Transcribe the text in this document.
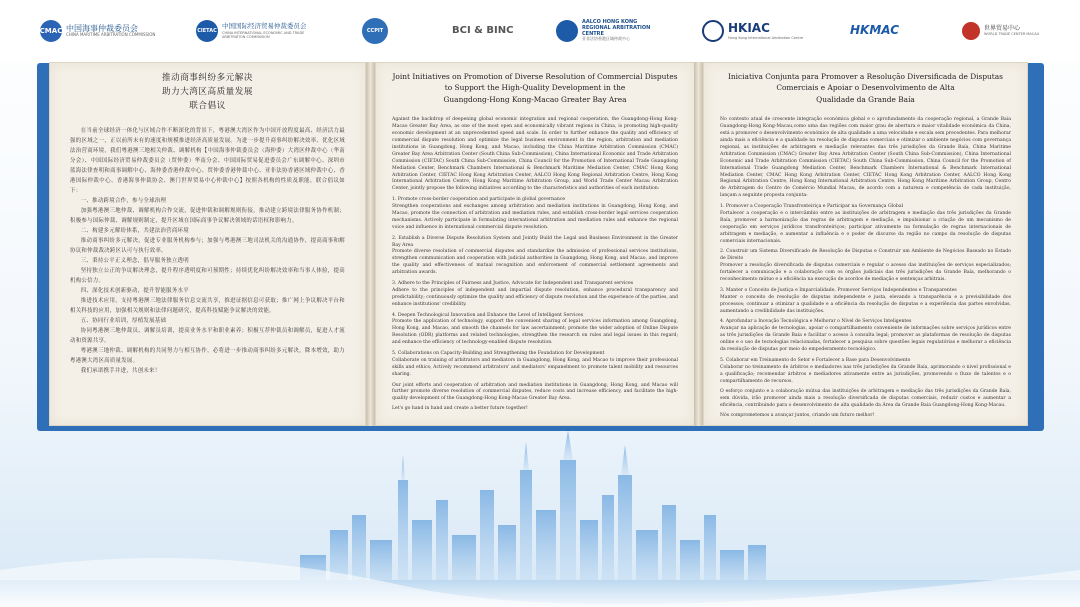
CMAC 中国海事仲裁委员会
CHINA MARITIME ARBITRATION COMMISSION
CIETAC
中国国际经济贸易仲裁委员会
CHINA INTERNATIONAL ECONOMIC AND TRADE ARBITRATION COMMISSION
CCPIT	BCI & BINC
AALCO HONG KONG REGIONAL ARBITRATION CENTRE
亚非法协香港区域仲裁中心
HKIAC
Hong Kong International Arbitration Centre
HKMAC	世界贸易中心
WORLD TRADE CENTER MACAU
推动商事纠纷多元解决
助力大湾区高质量发展
联合倡议

在当前全球经济一体化与区域合作不断深化的背景下，粤港澳大湾区作为中国开放程度最高、经济活力最强的区域之一，正以前所未有的速度和规模推进经济高质量发展。为进一步提升商事纠纷解决效率、优化区域法治营商环境，我们粤港澳三地相关仲裁、调解机构【中国海事仲裁委员会（海仲委）大湾区仲裁中心（华南分会）、中国国际经济贸易仲裁委员会（贸仲委）华南分会、中国国际贸易促进委员会广东调解中心、深圳市蓝海法律查明和商事调解中心、海仲委香港仲裁中心、贸仲委香港仲裁中心、亚非法协香港区域仲裁中心、香港国际仲裁中心、香港海事仲裁协会、澳门世界贸易中心仲裁中心】按照各机构的性质及职能，联合倡议如下：

一、推动跨境合作，参与全球治理

加强粤港澳三地仲裁、调解机构合作交流，促进仲裁和调解规则衔接，推动建立跨境法律服务协作机制；积极参与国际仲裁、调解规则制定，提升区域在国际商事争议解决领域的话语权和影响力。

二、构建多元解纷体系，共建法治营商环境

推动商事纠纷多元解决，促进专业服务机构参与；加强与粤港澳三地司法机关的沟通协作，提高商事和解协议和仲裁裁决跨区认可与执行效率。

三、秉持公平正义理念，倡导服务独立透明

坚持独立公正的争议解决理念，提升程序透明度和可预期性；持续优化纠纷解决效率和当事人体验，提高机构公信力。

四、深化技术创新驱动，提升智能服务水平

推进技术应用，支持粤港澳三地法律服务信息交流共享，推进证据信息可获取；推广网上争议解决平台和相关科技的应用，加强相关规则和法律问题研究，提高科技赋能争议解决的效能。

五、协同行业培训，厚植发展基础

协同粤港澳三地仲裁员、调解员培训，提高业务水平和职业素养；积极互荐仲裁员和调解员，促进人才流动和资源共享。

粤港澳三地仲裁、调解机构的共同努力与相互协作，必将进一步推动商事纠纷多元解决，降本增效，助力粤港澳大湾区高质量发展。

我们承诺携手并进，共创未来！

Joint Initiatives on Promotion of Diverse Resolution of Commercial Disputes
to Support the High-Quality Development in the
Guangdong-Hong Kong-Macao Greater Bay Area

Against the backdrop of deepening global economic integration and regional cooperation, the Guangdong-Hong Kong-Macao Greater Bay Area, as one of the most open and economically vibrant regions in China, is promoting high-quality economic development at an unprecedented speed and scale. In order to further enhance the quality and efficiency of commercial dispute resolution and optimize the legal business environment in the region, arbitration and mediation institutions in Guangdong, Hong Kong, and Macao, including the China Maritime Arbitration Commission (CMAC) Greater Bay Area Arbitration Center (South China Sub-Commission), China International Economic and Trade Arbitration Commission (CIETAC) South China Sub-Commission, China Council for the Promotion of International Trade Guangdong Mediation Center, Benchmark Chambers International & Benchmark Maritime Mediation Center, CMAC Hong Kong Arbitration Center, CIETAC Hong Kong Arbitration Center, AALCO Hong Kong Regional Arbitration Centre, Hong Kong International Arbitration Centre, Hong Kong Maritime Arbitration Group, and World Trade Center Macau Arbitration Center, jointly propose the following initiatives according to the characteristics and authorities of each institution:

1. Promote cross-border cooperation and participate in global governance

Strengthen cooperations and exchanges among arbitration and mediation institutions in Guangdong, Hong Kong, and Macao, promote the connection of arbitration and mediation rules, and establish cross-border legal services cooperation mechanisms. Actively participate in formulating international arbitration and mediation rules and enhance the regional voice and influence in international commercial dispute resolution.

2. Establish a Diverse Dispute Resolution System and Jointly Build the Legal and Business Environment in the Greater Bay Area

Promote diverse resolution of commercial disputes and standardize the admission of professional services institutions, strengthen communication and cooperation with judicial authorities in Guangdong, Hong Kong, and Macao, and improve the quality and effectiveness of mutual recognition and enforcement of commercial settlement agreements and arbitration awards.

3. Adhere to the Principles of Fairness and Justice, Advocate for Independent and Transparent services

Adhere to the principles of independent and impartial dispute resolution, enhance procedural transparency and predictability; continuously optimize the quality and efficiency of dispute resolution and the experience of the parties, and enhance institutions' credibility.

4. Deepen Technological Innovation and Enhance the Level of Intelligent Services

Promote the application of technology, support the convenient sharing of legal services information among Guangdong, Hong Kong, and Macao, and smooth the channels for law ascertainment; promote the wider adoption of Online Dispute Resolution (ODR) platforms and related technologies, strengthen the research on rules and legal issues in this regard; and enhance the efficiency of technology-enabled dispute resolution.

5. Collaborations on Capacity-Building and Strengthening the Foundation for Development

Collaborate on training of arbitrators and mediators in Guangdong, Hong Kong, and Macao to improve their professional skills and ethics; Actively recommend arbitrators' and mediators' empanelment to promote talent mobility and resources sharing.

Our joint efforts and cooperation of arbitration and mediation institutions in Guangdong, Hong Kong, and Macao will further promote diverse resolution of commercial disputes, reduce costs and increase efficiency, and facilitate the high-quality development of the Guangdong-Hong Kong-Macao Greater Bay Area.

Let's go hand in hand and create a better future together!

Iniciativa Conjunta para Promover a Resolução Diversificada de Disputas
Comerciais e Apoiar o Desenvolvimento de Alta
Qualidade da Grande Baía

No contexto atual de crescente integração económica global e o aprofundamento da cooperação regional, a Grande Baía Guangdong-Hong Kong-Macau,como uma das regiões com maior grau de abertura e maior vitalidade económica da China, está a promover o desenvolvimento económico de alta qualidade a uma velocidade e escala sem precedentes. Para melhorar ainda mais a eficiência e a qualidade na resolução de disputas comerciais e otimizar o ambiente negócios com governança regional, as instituições de arbitragem e mediação relevantes das três jurisdições da Grande Baía, China Maritime Arbitration Commission (CMAC) Greater Bay Area Arbitration Center (South China Sub-Commission), China International Economic and Trade Arbitration Commission (CIETAC) South China Sub-Commission, China Council for the Promotion of International Trade Guangdong Mediation Center, Benchmark Chambers International & Benchmark International Mediation Center, CMAC Hong Kong Arbitration Center, CIETAC Hong Kong Arbitration Center, AALCO Hong Kong Regional Arbitration Centre, Hong Kong International Arbitration Centre, Hong Kong Maritime Arbitration Group, Centro de Arbitragem do Centro de Comércio Mundial Macau, de acordo com a natureza e competência de cada instituição, lançam a seguinte proposta conjunta:

1. Promover a Cooperação Transfronteiriça e Participar na Governança Global

Fortalecer a cooperação e o intercâmbio entre as instituições de arbitragem e mediação das três jurisdições da Grande Baía, promover a harmonização das regras de arbitragem e mediação, e impulsionar a criação de um mecanismo de cooperação em serviços jurídicos transfronteiriços; participar ativamente na formulação de regras internacionais de arbitragem e mediação, e aumentar a influência e o poder de discurso da região no campo da resolução de disputas comerciais internacionais.

2. Construir um Sistema Diversificado de Resolução de Disputas e Construir um Ambiente de Negócios Baseado no Estado de Direito

Promover a resolução diversificada de disputas comerciais e regular o acesso das instituições de serviços especializados; fortalecer a comunicação e a colaboração com os órgãos judiciais das três jurisdições da Grande Baía, melhorando o reconhecimento mútuo e a eficiência na execução de acordos de mediação e sentenças arbitrais.

3. Manter o Conceito de Justiça e Imparcialidade, Promover Serviços Independentes e Transparentes

Manter o conceito de resolução de disputas independente e justa, elevando a transparência e a previsibilidade dos processos; continuar a otimizar a qualidade e a eficiência da resolução de disputas e a experiência das partes envolvidas, aumentando a credibilidade das instituições.

4. Aprofundar a Inovação Tecnológica e Melhorar o Nível de Serviços Inteligentes

Avançar na aplicação de tecnologias, apoiar o compartilhamento conveniente de informações sobre serviços jurídicos entre as três jurisdições da Grande Baía e facilitar o acesso à consulta legal; promover as plataformas de resolução de disputas online e o uso de tecnologias relacionadas, fortalecer a pesquisa sobre questões legais regulatórias e melhorar a eficiência da resolução de disputas por meio do empoderamento tecnológico.

5. Colaborar em Treinamento do Setor e Fortalecer a Base para Desenvolvimento

Colaborar no treinamento de árbitros e mediadores nas três jurisdições da Grande Baía, aprimorando o nível profissional e a qualificação; recomendar árbitros e mediadores ativamente entre as jurisdições, promovendo o fluxo de talentos e o compartilhamento de recursos.

O esforço conjunto e a colaboração mútua das instituições de arbitragem e mediação das três jurisdições da Grande Baía, sem dúvida, irão promover ainda mais a resolução diversificada de disputas comerciais, reduzir custos e aumentar a eficiência, contribuindo para o desenvolvimento de alta qualidade da Área da Grande Baía Guangdong-Hong Kong-Macau.

Nós comprometemos a avançar juntos, criando um futuro melhor!
